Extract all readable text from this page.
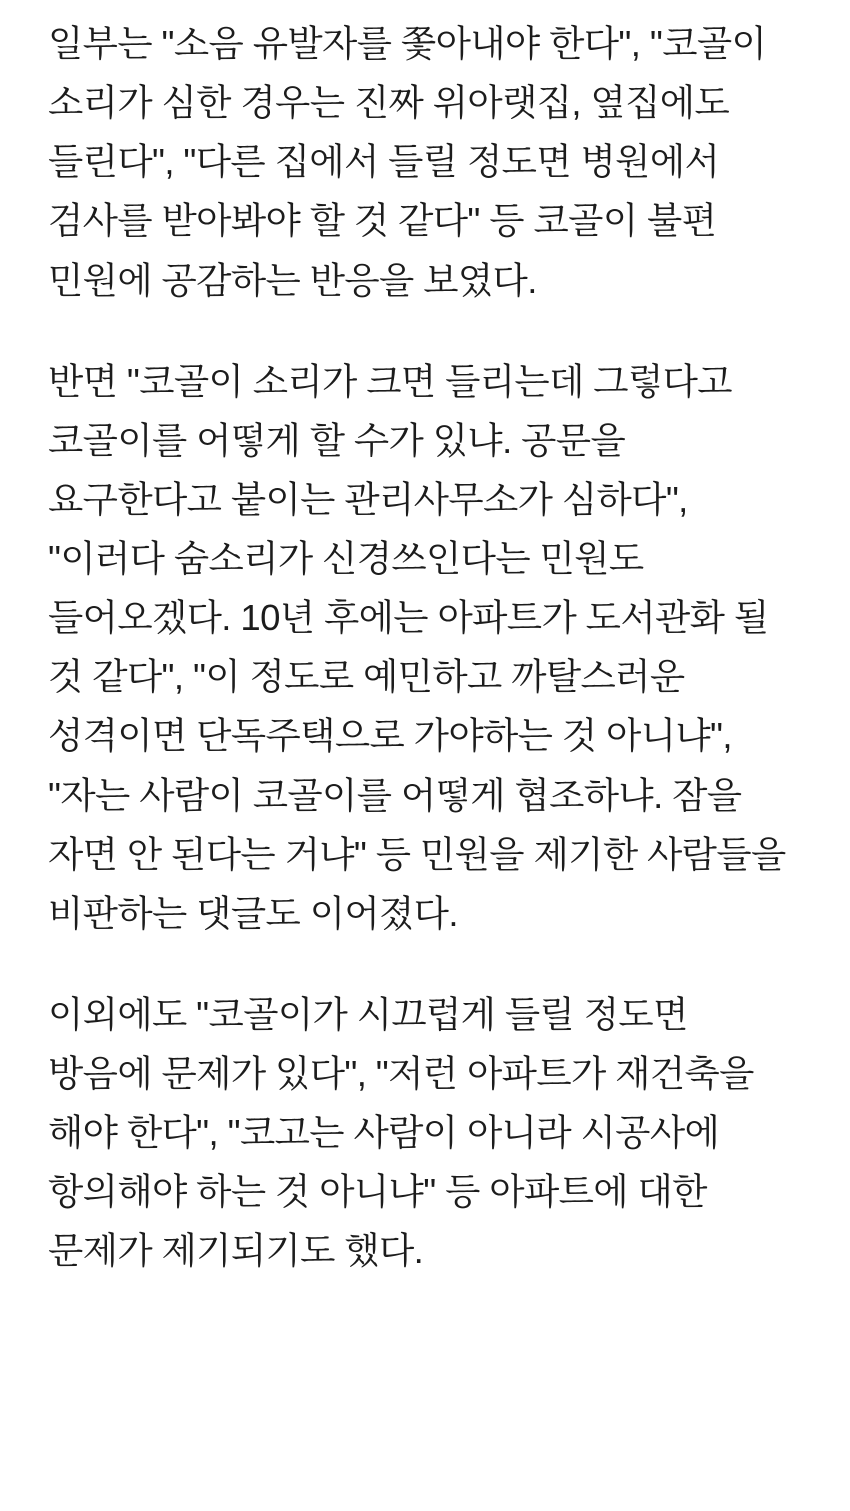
일부는 "소음 유발자를 쫓아내야 한다", "코골이 소리가 심한 경우는 진짜 위아랫집, 옆집에도 들린다", "다른 집에서 들릴 정도면 병원에서 검사를 받아봐야 할 것 같다" 등 코골이 불편 민원에 공감하는 반응을 보였다.

반면 "코골이 소리가 크면 들리는데 그렇다고 코골이를 어떻게 할 수가 있냐. 공문을 요구한다고 붙이는 관리사무소가 심하다", "이러다 숨소리가 신경쓰인다는 민원도 들어오겠다. 10년 후에는 아파트가 도서관화 될 것 같다", "이 정도로 예민하고 까탈스러운 성격이면 단독주택으로 가야하는 것 아니냐", "자는 사람이 코골이를 어떻게 협조하냐. 잠을 자면 안 된다는 거냐" 등 민원을 제기한 사람들을 비판하는 댓글도 이어졌다.

이외에도 "코골이가 시끄럽게 들릴 정도면 방음에 문제가 있다", "저런 아파트가 재건축을 해야 한다", "코고는 사람이 아니라 시공사에 항의해야 하는 것 아니냐" 등 아파트에 대한 문제가 제기되기도 했다.
